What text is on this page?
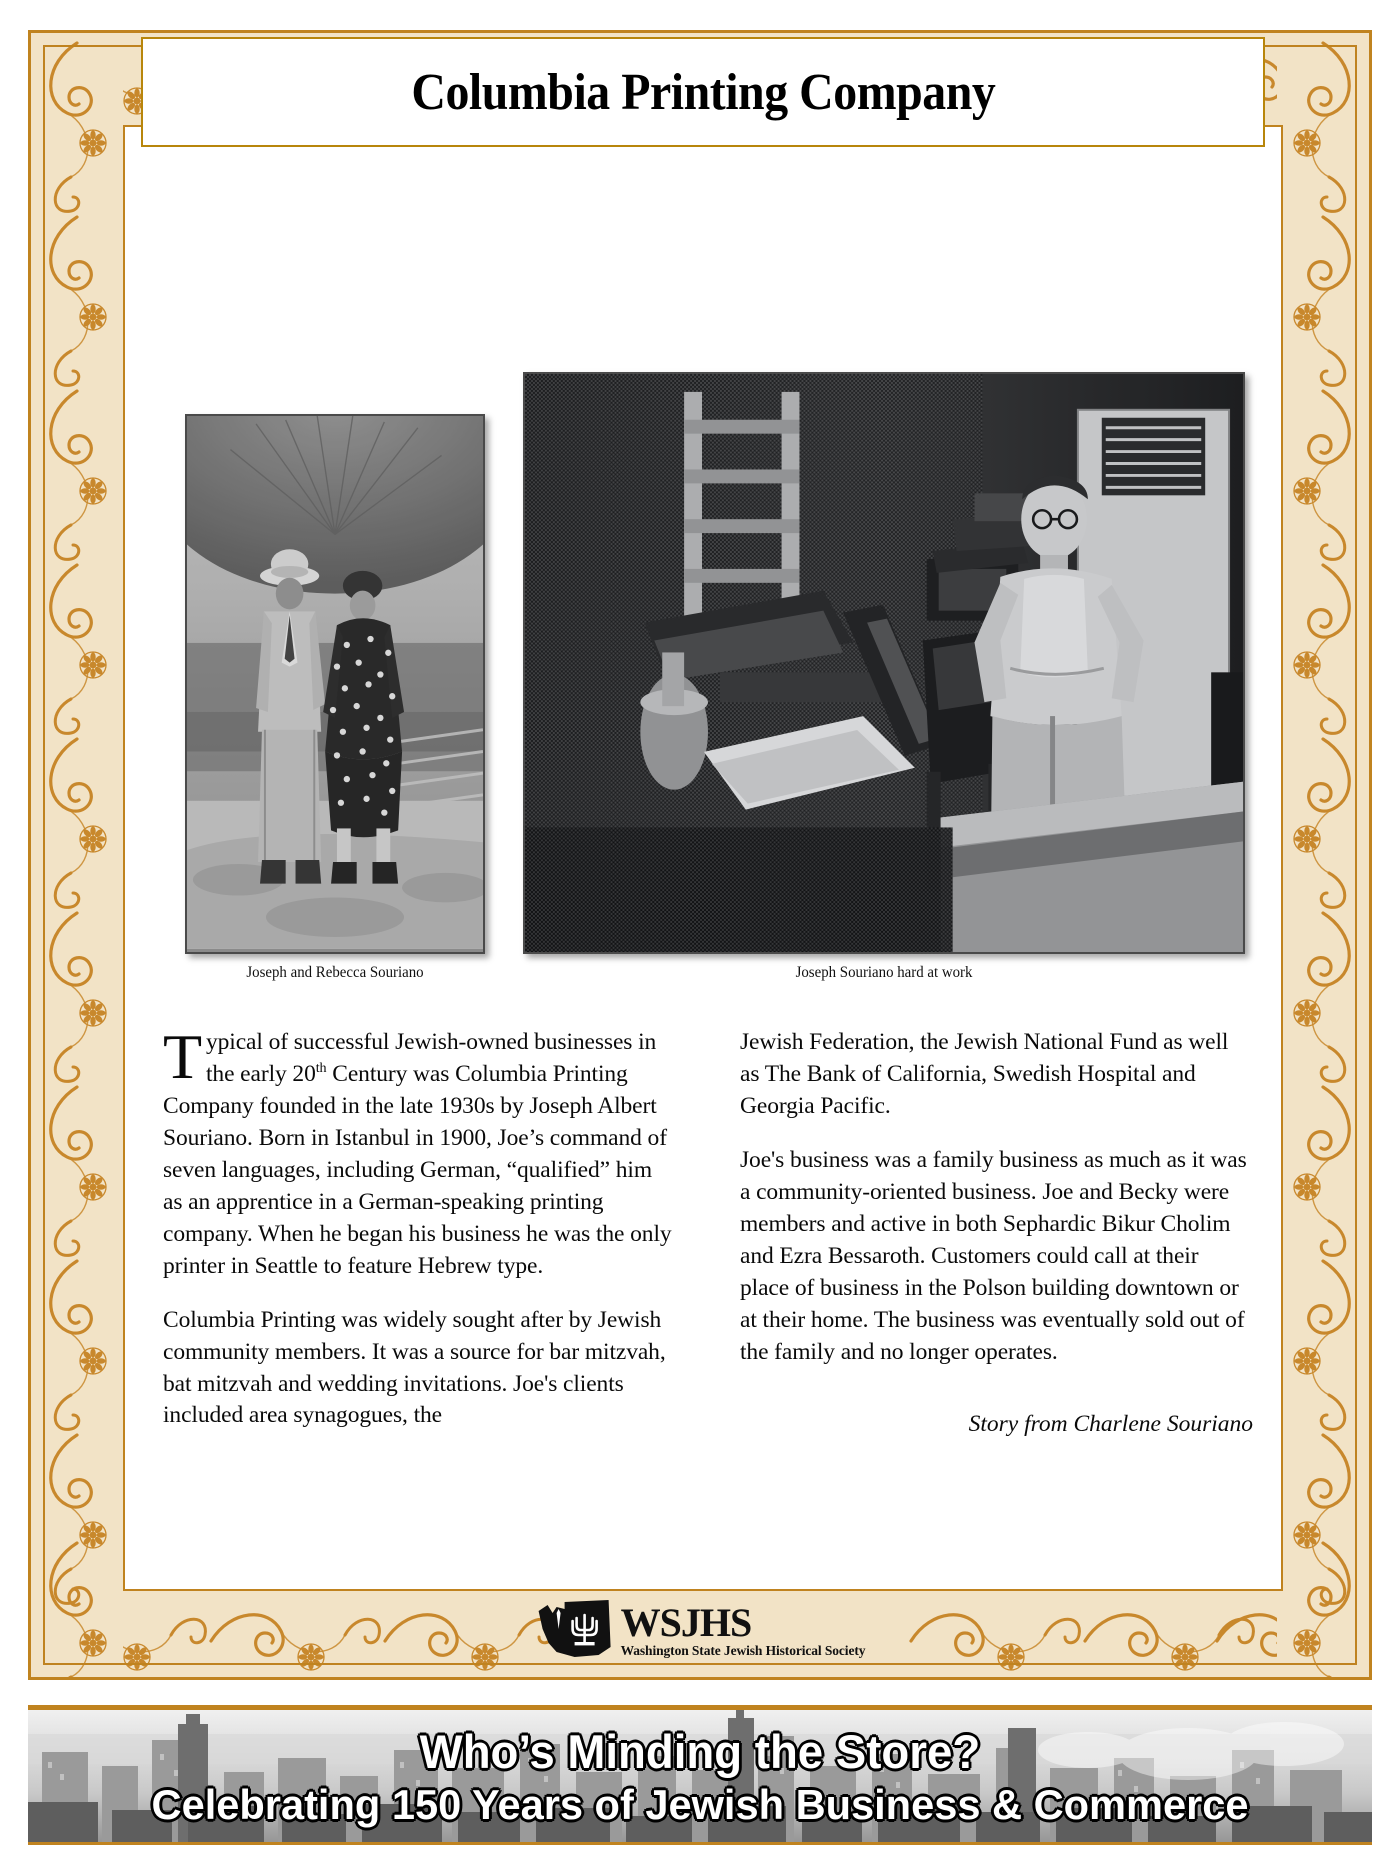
Columbia Printing Company
Joseph and Rebecca Souriano	Joseph Souriano hard at work

Typical of successful Jewish-owned businesses in the early 20th Century was Columbia Printing Company founded in the late 1930s by Joseph Albert Souriano. Born in Istanbul in 1900, Joe’s command of seven languages, including German, “qualified” him as an apprentice in a German-speaking printing company. When he began his business he was the only printer in Seattle to feature Hebrew type.

Columbia Printing was widely sought after by Jewish community members. It was a source for bar mitzvah, bat mitzvah and wedding invitations. Joe's clients included area synagogues, the

Jewish Federation, the Jewish National Fund as well as The Bank of California, Swedish Hospital and Georgia Pacific.

Joe's business was a family business as much as it was a community-oriented business. Joe and Becky were members and active in both Sephardic Bikur Cholim and Ezra Bessaroth. Customers could call at their place of business in the Polson building downtown or at their home. The business was eventually sold out of the family and no longer operates.

Story from Charlene Souriano
WSJHS
Washington State Jewish Historical Society
Who’s Minding the Store?
Celebrating 150 Years of Jewish Business & Commerce
